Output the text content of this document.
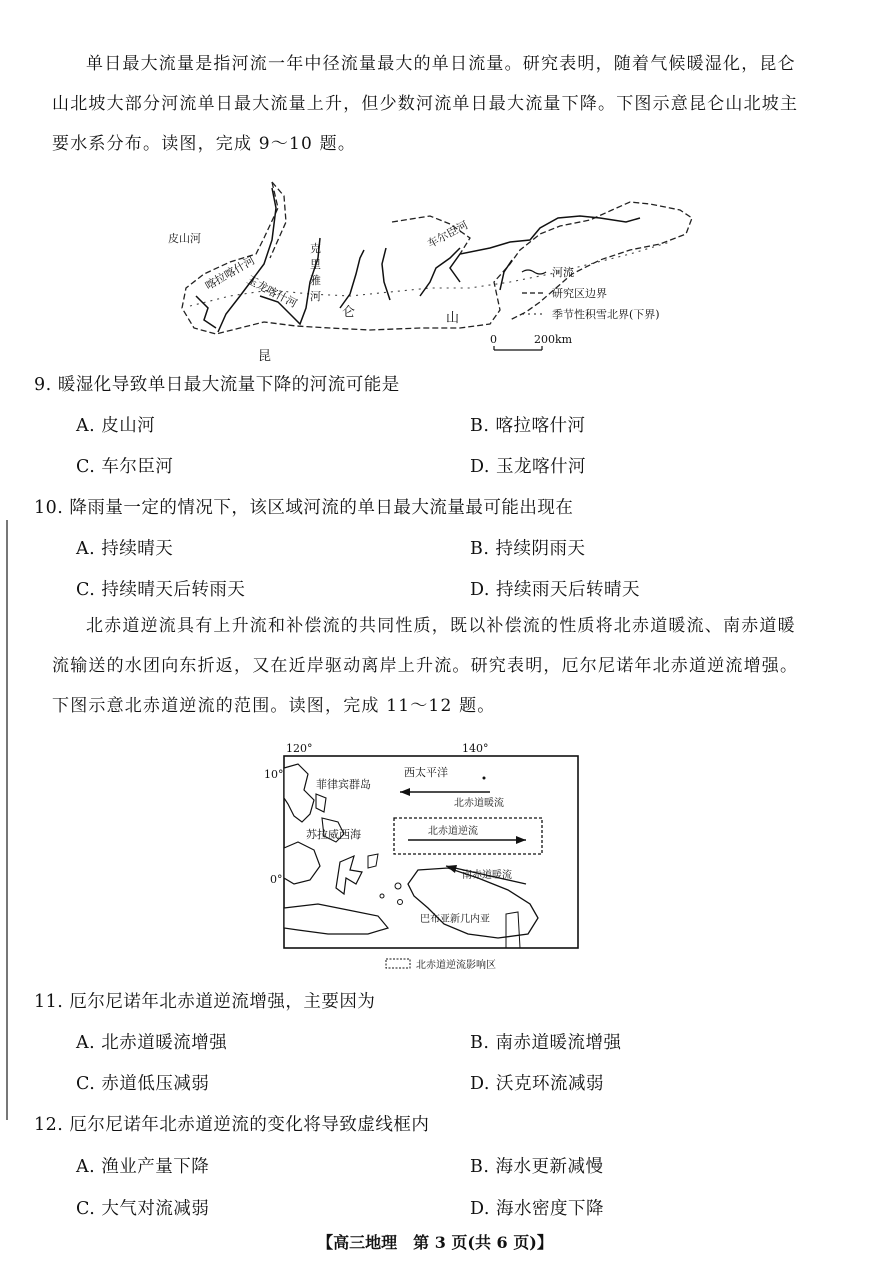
单日最大流量是指河流一年中径流量最大的单日流量。研究表明，随着气候暖湿化，昆仑山北坡大部分河流单日最大流量上升，但少数河流单日最大流量下降。下图示意昆仑山北坡主要水系分布。读图，完成 9～10 题。

皮山河
喀拉喀什河
玉龙喀什河
克
里
雅
河
车尔臣河
昆
仑	山
河流
研究区边界
季节性积雪北界(下界)
0	200km
9. 暖湿化导致单日最大流量下降的河流可能是
A. 皮山河	B. 喀拉喀什河
C. 车尔臣河	D. 玉龙喀什河
10. 降雨量一定的情况下，该区域河流的单日最大流量最可能出现在
A. 持续晴天	B. 持续阴雨天
C. 持续晴天后转雨天	D. 持续雨天后转晴天

北赤道逆流具有上升流和补偿流的共同性质，既以补偿流的性质将北赤道暖流、南赤道暖流输送的水团向东折返，又在近岸驱动离岸上升流。研究表明，厄尔尼诺年北赤道逆流增强。下图示意北赤道逆流的范围。读图，完成 11～12 题。

120°	140°
10°
0°
西太平洋
菲律宾群岛
北赤道暖流
苏拉威西海	北赤道逆流
南赤道暖流
巴布亚新几内亚
北赤道逆流影响区
11. 厄尔尼诺年北赤道逆流增强，主要因为
A. 北赤道暖流增强	B. 南赤道暖流增强
C. 赤道低压减弱	D. 沃克环流减弱
12. 厄尔尼诺年北赤道逆流的变化将导致虚线框内
A. 渔业产量下降	B. 海水更新减慢
C. 大气对流减弱	D. 海水密度下降
【高三地理　第 3 页(共 6 页)】
